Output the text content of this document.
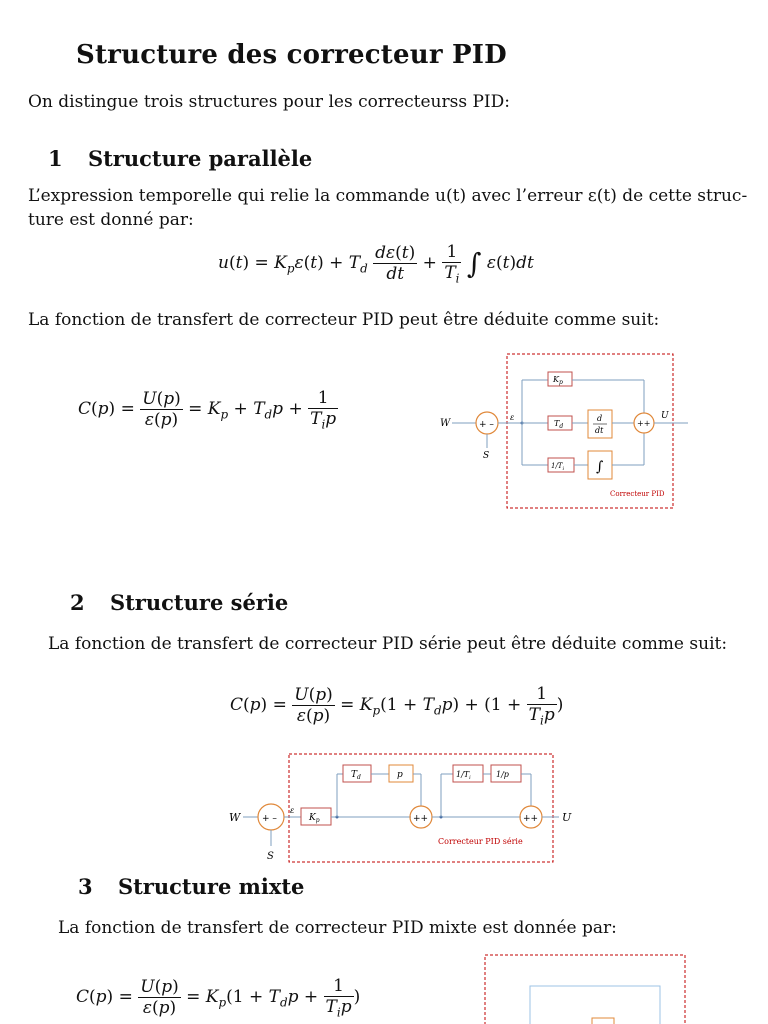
Structure des correcteur PID
On distingue trois structures pour les correcteurss PID:
1 Structure parallèle
L’expression temporelle qui relie la commande u(t) avec l’erreur ε(t) de cette struc-
ture est donné par:
$u(t) = K_p\varepsilon(t) + T_d \frac{d\varepsilon(t)}{dt} + \frac{1}{T_i}$ ∫ ε(t)dt
La fonction de transfert de correcteur PID peut être déduite comme suit:
$C(p) = \frac{U(p)}{\varepsilon(p)} = K_p + T_dp + \frac{1}{T_ip}$	W	+ –
S
ε
$K_p$
$T_d$
d
dt
$1/T_i$ ∫
++
U
Correcteur PID
2 Structure série
La fonction de transfert de correcteur PID série peut être déduite comme suit:
$C(p) = \frac{U(p)}{\varepsilon(p)} = K_p(1 + T_dp) + (1 + \frac{1}{T_ip}$ )
W + –
S
ε
$K_p$
$T_d$	p
++
$1/T_i$	1/p
++ U
Correcteur PID série
3 Structure mixte
La fonction de transfert de correcteur PID mixte est donnée par:
$C(p) = \frac{U(p)}{\varepsilon(p)} = K_p(1 + T_dp + \frac{1}{T_ip}$ )
